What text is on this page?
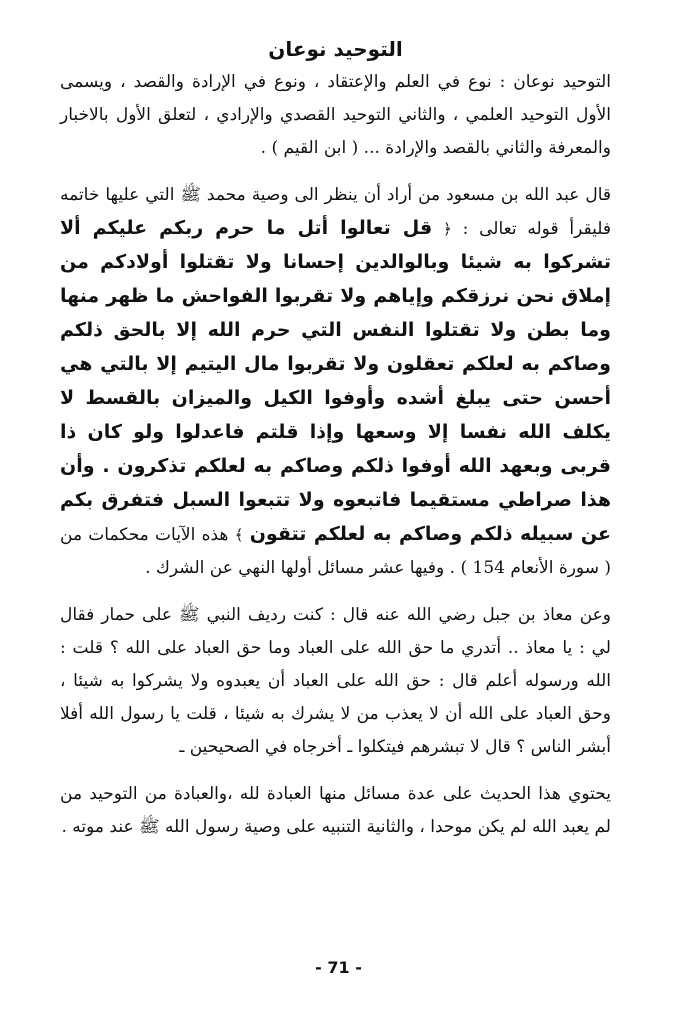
التوحيد نوعان

التوحيد نوعان : نوع في العلم والإعتقاد ، ونوع في الإرادة والقصد ، ويسمى الأول التوحيد العلمي ، والثاني التوحيد القصدي والإرادي ، لتعلق الأول بالاخبار والمعرفة والثاني بالقصد والإرادة ... ( ابن القيم ) .

قال عبد الله بن مسعود من أراد أن ينظر الى وصية محمد ﷺ التي عليها خاتمه فليقرأ قوله تعالى : ﴿ قل تعالوا أتل ما حرم ربكم عليكم ألا تشركوا به شيئا وبالوالدين إحسانا ولا تقتلوا أولادكم من إملاق نحن نرزقكم وإياهم ولا تقربوا الفواحش ما ظهر منها وما بطن ولا تقتلوا النفس التي حرم الله إلا بالحق ذلكم وصاكم به لعلكم تعقلون ولا تقربوا مال اليتيم إلا بالتي هي أحسن حتى يبلغ أشده وأوفوا الكيل والميزان بالقسط لا يكلف الله نفسا إلا وسعها وإذا قلتم فاعدلوا ولو كان ذا قربى وبعهد الله أوفوا ذلكم وصاكم به لعلكم تذكرون . وأن هذا صراطي مستقيما فاتبعوه ولا تتبعوا السبل فتفرق بكم عن سبيله ذلكم وصاكم به لعلكم تتقون ﴾ هذه الآيات محكمات من ( سورة الأنعام 154 ) . وفيها عشر مسائل أولها النهي عن الشرك .

وعن معاذ بن جبل رضي الله عنه قال : كنت رديف النبي ﷺ على حمار فقال لي : يا معاذ .. أتدري ما حق الله على العباد وما حق العباد على الله ؟ قلت : الله ورسوله أعلم قال : حق الله على العباد أن يعبدوه ولا يشركوا به شيئا ، وحق العباد على الله أن لا يعذب من لا يشرك به شيئا ، قلت يا رسول الله أفلا أبشر الناس ؟ قال لا تبشرهم فيتكلوا ـ أخرجاه في الصحيحين ـ

يحتوي هذا الحديث على عدة مسائل منها العبادة لله ،والعبادة من التوحيد من لم يعبد الله لم يكن موحدا ، والثانية التنبيه على وصية رسول الله ﷺ عند موته .

- 71 -
